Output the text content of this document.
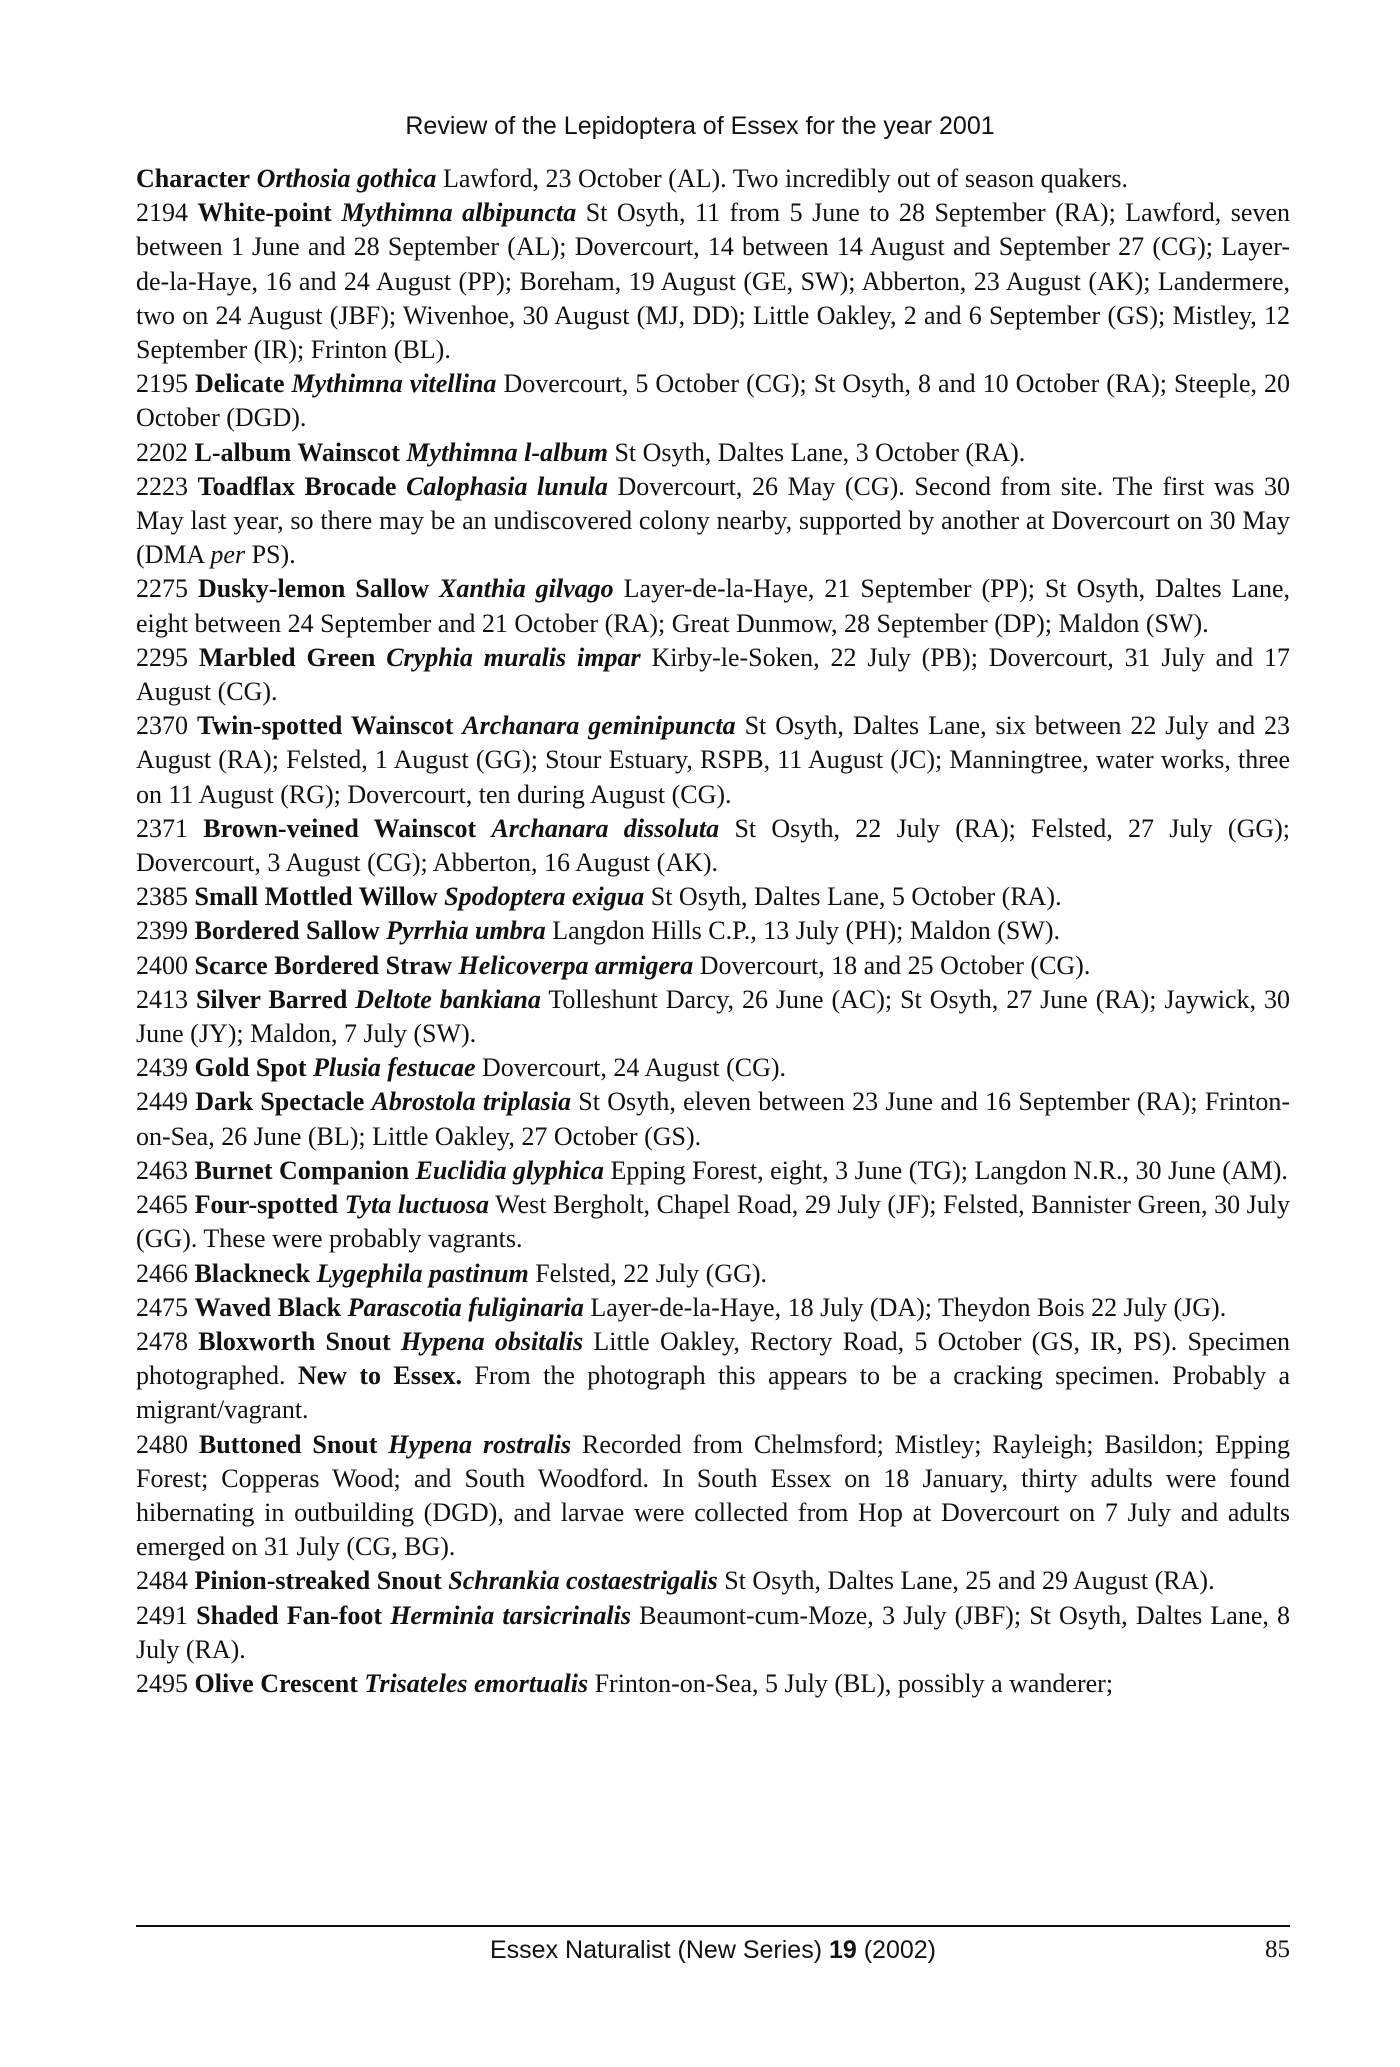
Review of the Lepidoptera of Essex for the year 2001

Character Orthosia gothica Lawford, 23 October (AL). Two incredibly out of season quakers.

2194 White-point Mythimna albipuncta St Osyth, 11 from 5 June to 28 September (RA); Lawford, seven between 1 June and 28 September (AL); Dovercourt, 14 between 14 August and September 27 (CG); Layer-de-la-Haye, 16 and 24 August (PP); Boreham, 19 August (GE, SW); Abberton, 23 August (AK); Landermere, two on 24 August (JBF); Wivenhoe, 30 August (MJ, DD); Little Oakley, 2 and 6 September (GS); Mistley, 12 September (IR); Frinton (BL).

2195 Delicate Mythimna vitellina Dovercourt, 5 October (CG); St Osyth, 8 and 10 October (RA); Steeple, 20 October (DGD).

2202 L-album Wainscot Mythimna l-album St Osyth, Daltes Lane, 3 October (RA).

2223 Toadflax Brocade Calophasia lunula Dovercourt, 26 May (CG). Second from site. The first was 30 May last year, so there may be an undiscovered colony nearby, supported by another at Dovercourt on 30 May (DMA per PS).

2275 Dusky-lemon Sallow Xanthia gilvago Layer-de-la-Haye, 21 September (PP); St Osyth, Daltes Lane, eight between 24 September and 21 October (RA); Great Dunmow, 28 September (DP); Maldon (SW).

2295 Marbled Green Cryphia muralis impar Kirby-le-Soken, 22 July (PB); Dovercourt, 31 July and 17 August (CG).

2370 Twin-spotted Wainscot Archanara geminipuncta St Osyth, Daltes Lane, six between 22 July and 23 August (RA); Felsted, 1 August (GG); Stour Estuary, RSPB, 11 August (JC); Manningtree, water works, three on 11 August (RG); Dovercourt, ten during August (CG).

2371 Brown-veined Wainscot Archanara dissoluta St Osyth, 22 July (RA); Felsted, 27 July (GG); Dovercourt, 3 August (CG); Abberton, 16 August (AK).

2385 Small Mottled Willow Spodoptera exigua St Osyth, Daltes Lane, 5 October (RA).

2399 Bordered Sallow Pyrrhia umbra Langdon Hills C.P., 13 July (PH); Maldon (SW).

2400 Scarce Bordered Straw Helicoverpa armigera Dovercourt, 18 and 25 October (CG).

2413 Silver Barred Deltote bankiana Tolleshunt Darcy, 26 June (AC); St Osyth, 27 June (RA); Jaywick, 30 June (JY); Maldon, 7 July (SW).

2439 Gold Spot Plusia festucae Dovercourt, 24 August (CG).

2449 Dark Spectacle Abrostola triplasia St Osyth, eleven between 23 June and 16 September (RA); Frinton-on-Sea, 26 June (BL); Little Oakley, 27 October (GS).

2463 Burnet Companion Euclidia glyphica Epping Forest, eight, 3 June (TG); Langdon N.R., 30 June (AM).

2465 Four-spotted Tyta luctuosa West Bergholt, Chapel Road, 29 July (JF); Felsted, Bannister Green, 30 July (GG). These were probably vagrants.

2466 Blackneck Lygephila pastinum Felsted, 22 July (GG).

2475 Waved Black Parascotia fuliginaria Layer-de-la-Haye, 18 July (DA); Theydon Bois 22 July (JG).

2478 Bloxworth Snout Hypena obsitalis Little Oakley, Rectory Road, 5 October (GS, IR, PS). Specimen photographed. New to Essex. From the photograph this appears to be a cracking specimen. Probably a migrant/vagrant.

2480 Buttoned Snout Hypena rostralis Recorded from Chelmsford; Mistley; Rayleigh; Basildon; Epping Forest; Copperas Wood; and South Woodford. In South Essex on 18 January, thirty adults were found hibernating in outbuilding (DGD), and larvae were collected from Hop at Dovercourt on 7 July and adults emerged on 31 July (CG, BG).

2484 Pinion-streaked Snout Schrankia costaestrigalis St Osyth, Daltes Lane, 25 and 29 August (RA).

2491 Shaded Fan-foot Herminia tarsicrinalis Beaumont-cum-Moze, 3 July (JBF); St Osyth, Daltes Lane, 8 July (RA).

2495 Olive Crescent Trisateles emortualis Frinton-on-Sea, 5 July (BL), possibly a wanderer;

Essex Naturalist (New Series) 19 (2002)	85
